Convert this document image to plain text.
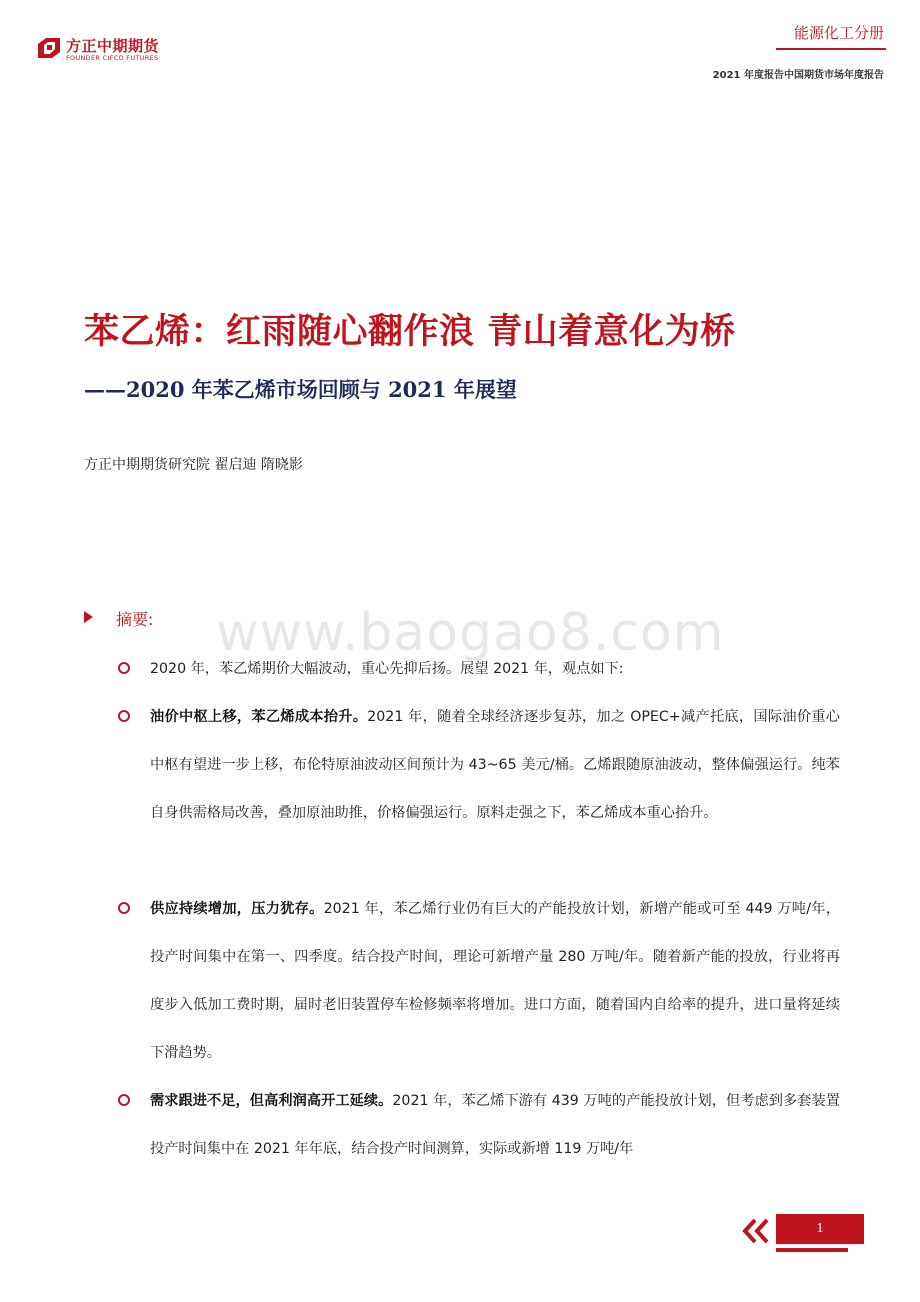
方正中期期货
FOUNDER CIFCO FUTURES
能源化工分册
2021 年度报告中国期货市场年度报告
苯乙烯：红雨随心翻作浪 青山着意化为桥
——2020 年苯乙烯市场回顾与 2021 年展望
方正中期期货研究院 翟启迪 隋晓影
www.baogao8.com
摘要:
2020 年，苯乙烯期价大幅波动，重心先抑后扬。展望 2021 年，观点如下:
油价中枢上移，苯乙烯成本抬升。2021 年，随着全球经济逐步复苏，加之 OPEC+减产托底，国际油价重心中枢有望进一步上移，布伦特原油波动区间预计为 43~65 美元/桶。乙烯跟随原油波动，整体偏强运行。纯苯自身供需格局改善，叠加原油助推，价格偏强运行。原料走强之下，苯乙烯成本重心抬升。
供应持续增加，压力犹存。2021 年，苯乙烯行业仍有巨大的产能投放计划，新增产能或可至 449 万吨/年，投产时间集中在第一、四季度。结合投产时间，理论可新增产量 280 万吨/年。随着新产能的投放，行业将再度步入低加工费时期，届时老旧装置停车检修频率将增加。进口方面，随着国内自给率的提升，进口量将延续下滑趋势。
需求跟进不足，但高利润高开工延续。2021 年，苯乙烯下游有 439 万吨的产能投放计划，但考虑到多套装置投产时间集中在 2021 年年底，结合投产时间测算，实际或新增 119 万吨/年
1
